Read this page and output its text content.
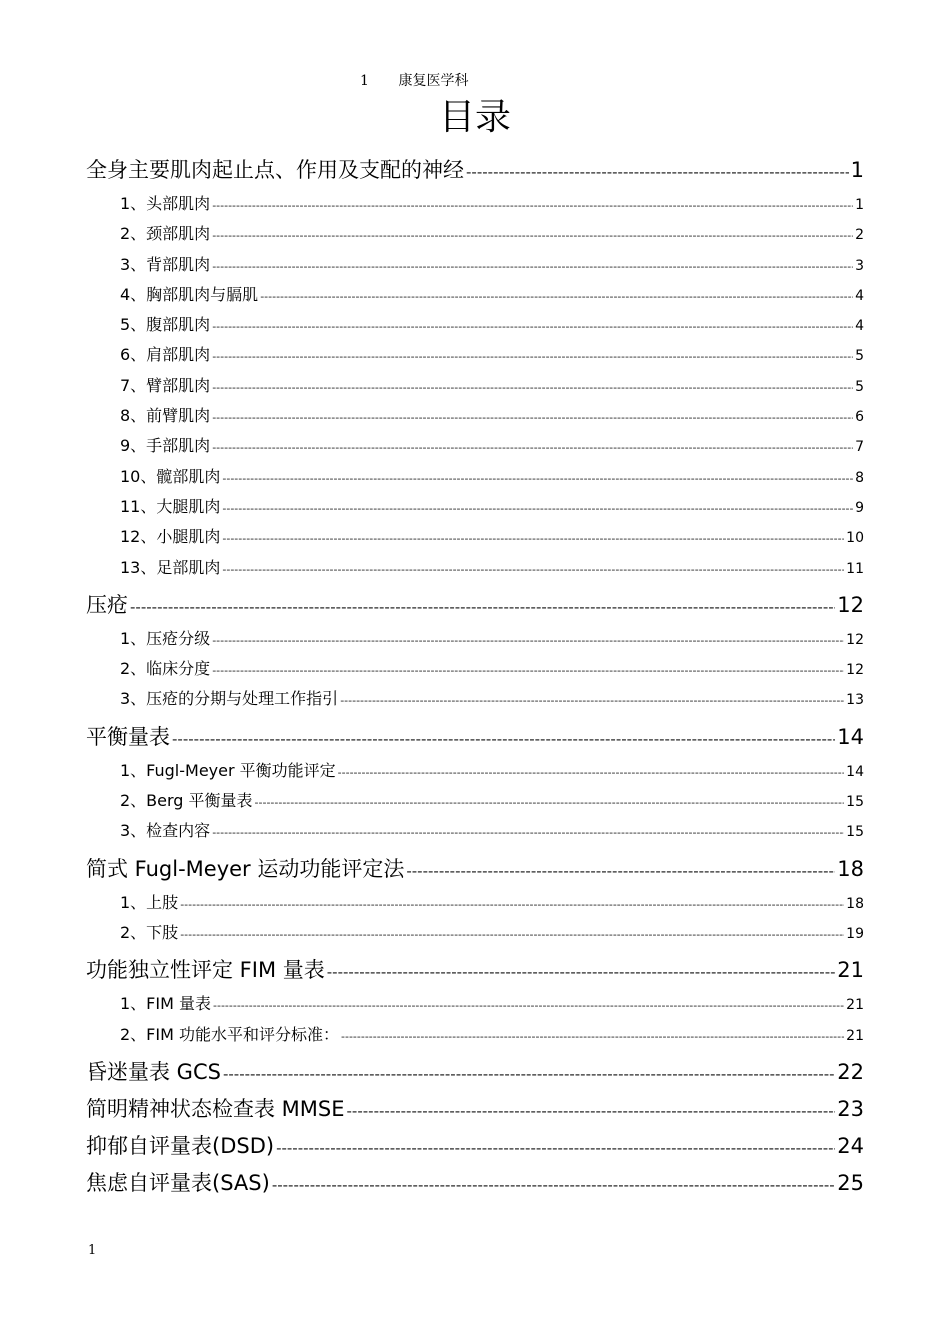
1 康复医学科
目录
全身主要肌肉起止点、作用及支配的神经 -----	1
1、头部肌肉 -----	1
2、颈部肌肉 -----	2
3、背部肌肉 -----	3
4、胸部肌肉与膈肌 -----	4
5、腹部肌肉 -----	4
6、肩部肌肉 -----	5
7、臂部肌肉 -----	5
8、前臂肌肉 -----	6
9、手部肌肉 -----	7
10、髋部肌肉 -----	8
11、大腿肌肉 -----	9
12、小腿肌肉 -----	10
13、足部肌肉 -----	11
压疮 -----	12
1、压疮分级 -----	12
2、临床分度 -----	12
3、压疮的分期与处理工作指引 -----	13
平衡量表 -----	14
1、Fugl-Meyer 平衡功能评定 -----	14
2、Berg 平衡量表 -----	15
3、检查内容 -----	15
简式 Fugl-Meyer 运动功能评定法 -----	18
1、上肢 -----	18
2、下肢 -----	19
功能独立性评定 FIM 量表 -----	21
1、FIM 量表 -----	21
2、FIM 功能水平和评分标准： -----	21
昏迷量表 GCS -----	22
简明精神状态检查表 MMSE -----	23
抑郁自评量表(DSD) -----	24
焦虑自评量表(SAS) -----	25
1
